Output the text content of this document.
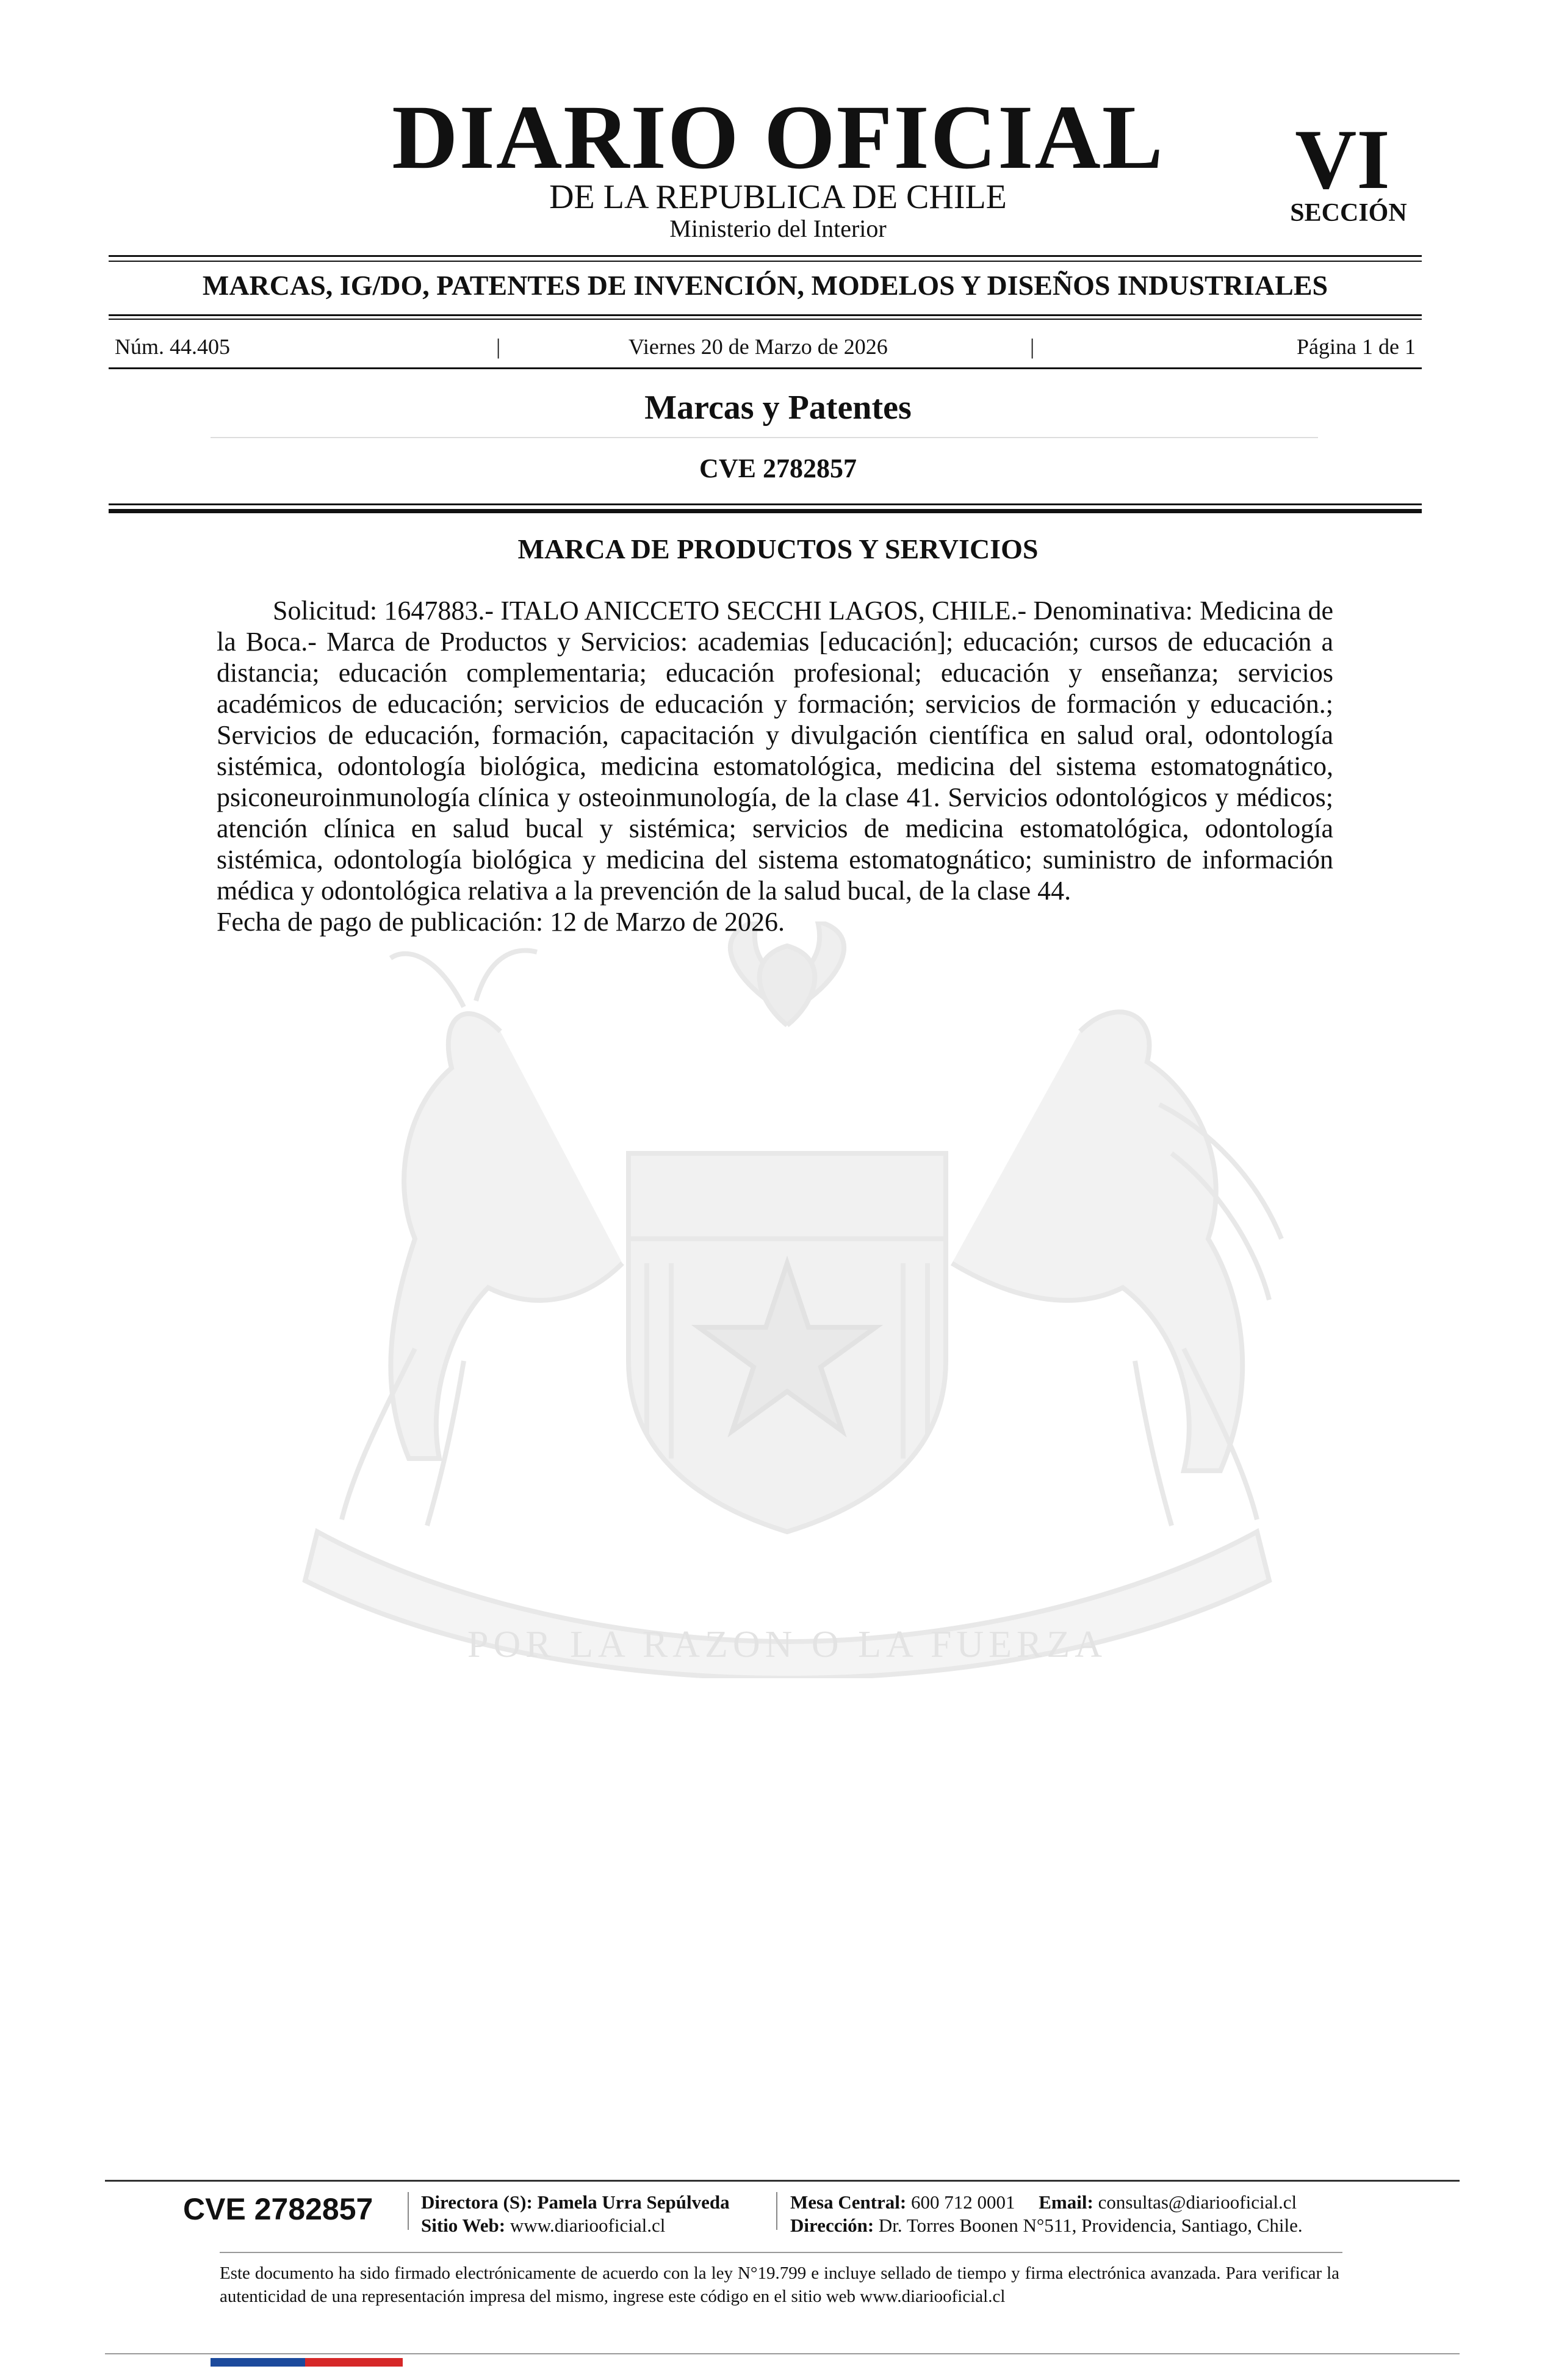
DIARIO OFICIAL
DE LA REPUBLICA DE CHILE
Ministerio del Interior
VI
SECCIÓN
MARCAS, IG/DO, PATENTES DE INVENCIÓN, MODELOS Y DISEÑOS INDUSTRIALES
Núm. 44.405	|	Viernes 20 de Marzo de 2026	|	Página 1 de 1
Marcas y Patentes
CVE 2782857
POR LA RAZON O LA FUERZA
MARCA DE PRODUCTOS Y SERVICIOS

Solicitud: 1647883.- ITALO ANICCETO SECCHI LAGOS, CHILE.- Denominativa: Medicina de la Boca.- Marca de Productos y Servicios: academias [educación]; educación; cursos de educación a distancia; educación complementaria; educación profesional; educación y enseñanza; servicios académicos de educación; servicios de educación y formación; servicios de formación y educación.; Servicios de educación, formación, capacitación y divulgación científica en salud oral, odontología sistémica, odontología biológica, medicina estomatológica, medicina del sistema estomatognático, psiconeuroinmunología clínica y osteoinmunología, de la clase 41. Servicios odontológicos y médicos; atención clínica en salud bucal y sistémica; servicios de medicina estomatológica, odontología sistémica, odontología biológica y medicina del sistema estomatognático; suministro de información médica y odontológica relativa a la prevención de la salud bucal, de la clase 44.

Fecha de pago de publicación: 12 de Marzo de 2026.

CVE 2782857	Directora (S): Pamela Urra Sepúlveda
Sitio Web: www.diariooficial.cl
Mesa Central: 600 712 0001 Email: consultas@diariooficial.cl
Dirección: Dr. Torres Boonen N°511, Providencia, Santiago, Chile.
Este documento ha sido firmado electrónicamente de acuerdo con la ley N°19.799 e incluye sellado de tiempo y firma electrónica avanzada. Para verificar la autenticidad de una representación impresa del mismo, ingrese este código en el sitio web www.diariooficial.cl
